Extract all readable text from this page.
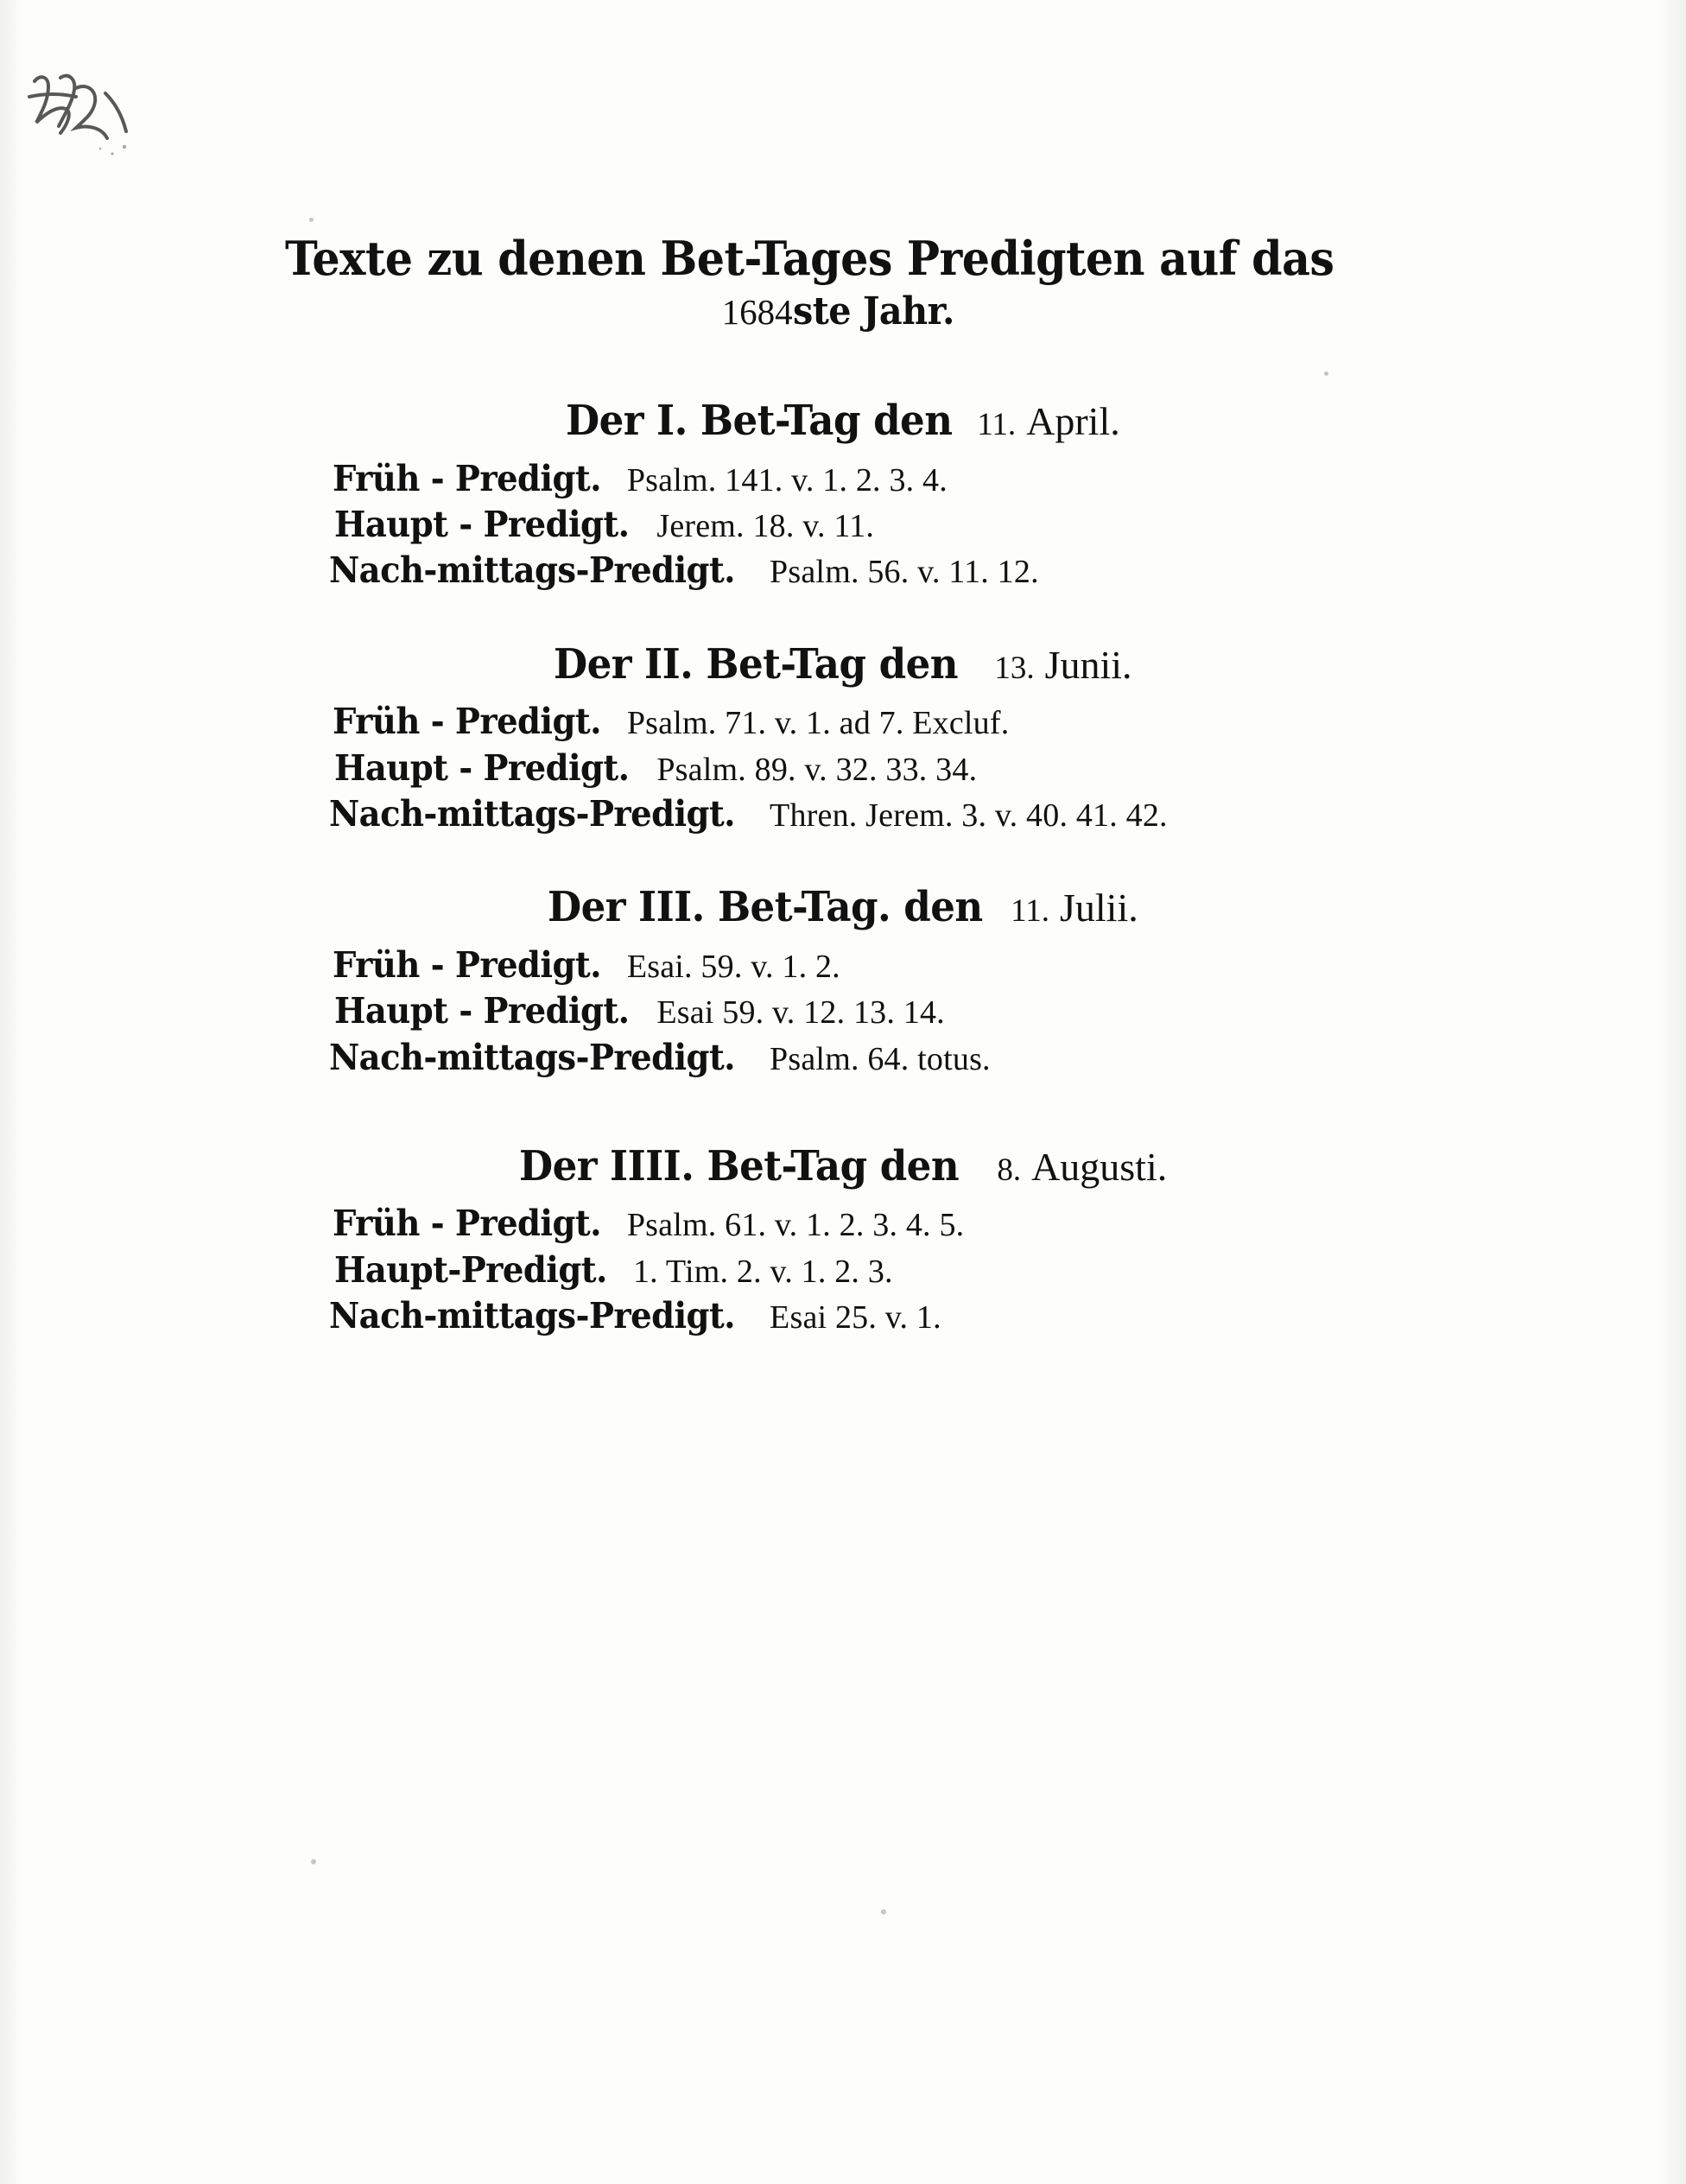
Texte zu denen Bet-Tages Predigten auf das
1684ste Jahr.
Der I. Bet-Tag den 11. April.
Früh - Predigt. Psalm. 141. v. 1. 2. 3. 4.
Haupt - Predigt. Jerem. 18. v. 11.
Nach-mittags-Predigt. Psalm. 56. v. 11. 12.
Der II. Bet-Tag den 13. Junii.
Früh - Predigt. Psalm. 71. v. 1. ad 7. Excluf.
Haupt - Predigt. Psalm. 89. v. 32. 33. 34.
Nach-mittags-Predigt. Thren. Jerem. 3. v. 40. 41. 42.
Der III. Bet-Tag. den 11. Julii.
Früh - Predigt. Esai. 59. v. 1. 2.
Haupt - Predigt. Esai 59. v. 12. 13. 14.
Nach-mittags-Predigt. Psalm. 64. totus.
Der IIII. Bet-Tag den 8. Augusti.
Früh - Predigt. Psalm. 61. v. 1. 2. 3. 4. 5.
Haupt-Predigt. 1. Tim. 2. v. 1. 2. 3.
Nach-mittags-Predigt. Esai 25. v. 1.
